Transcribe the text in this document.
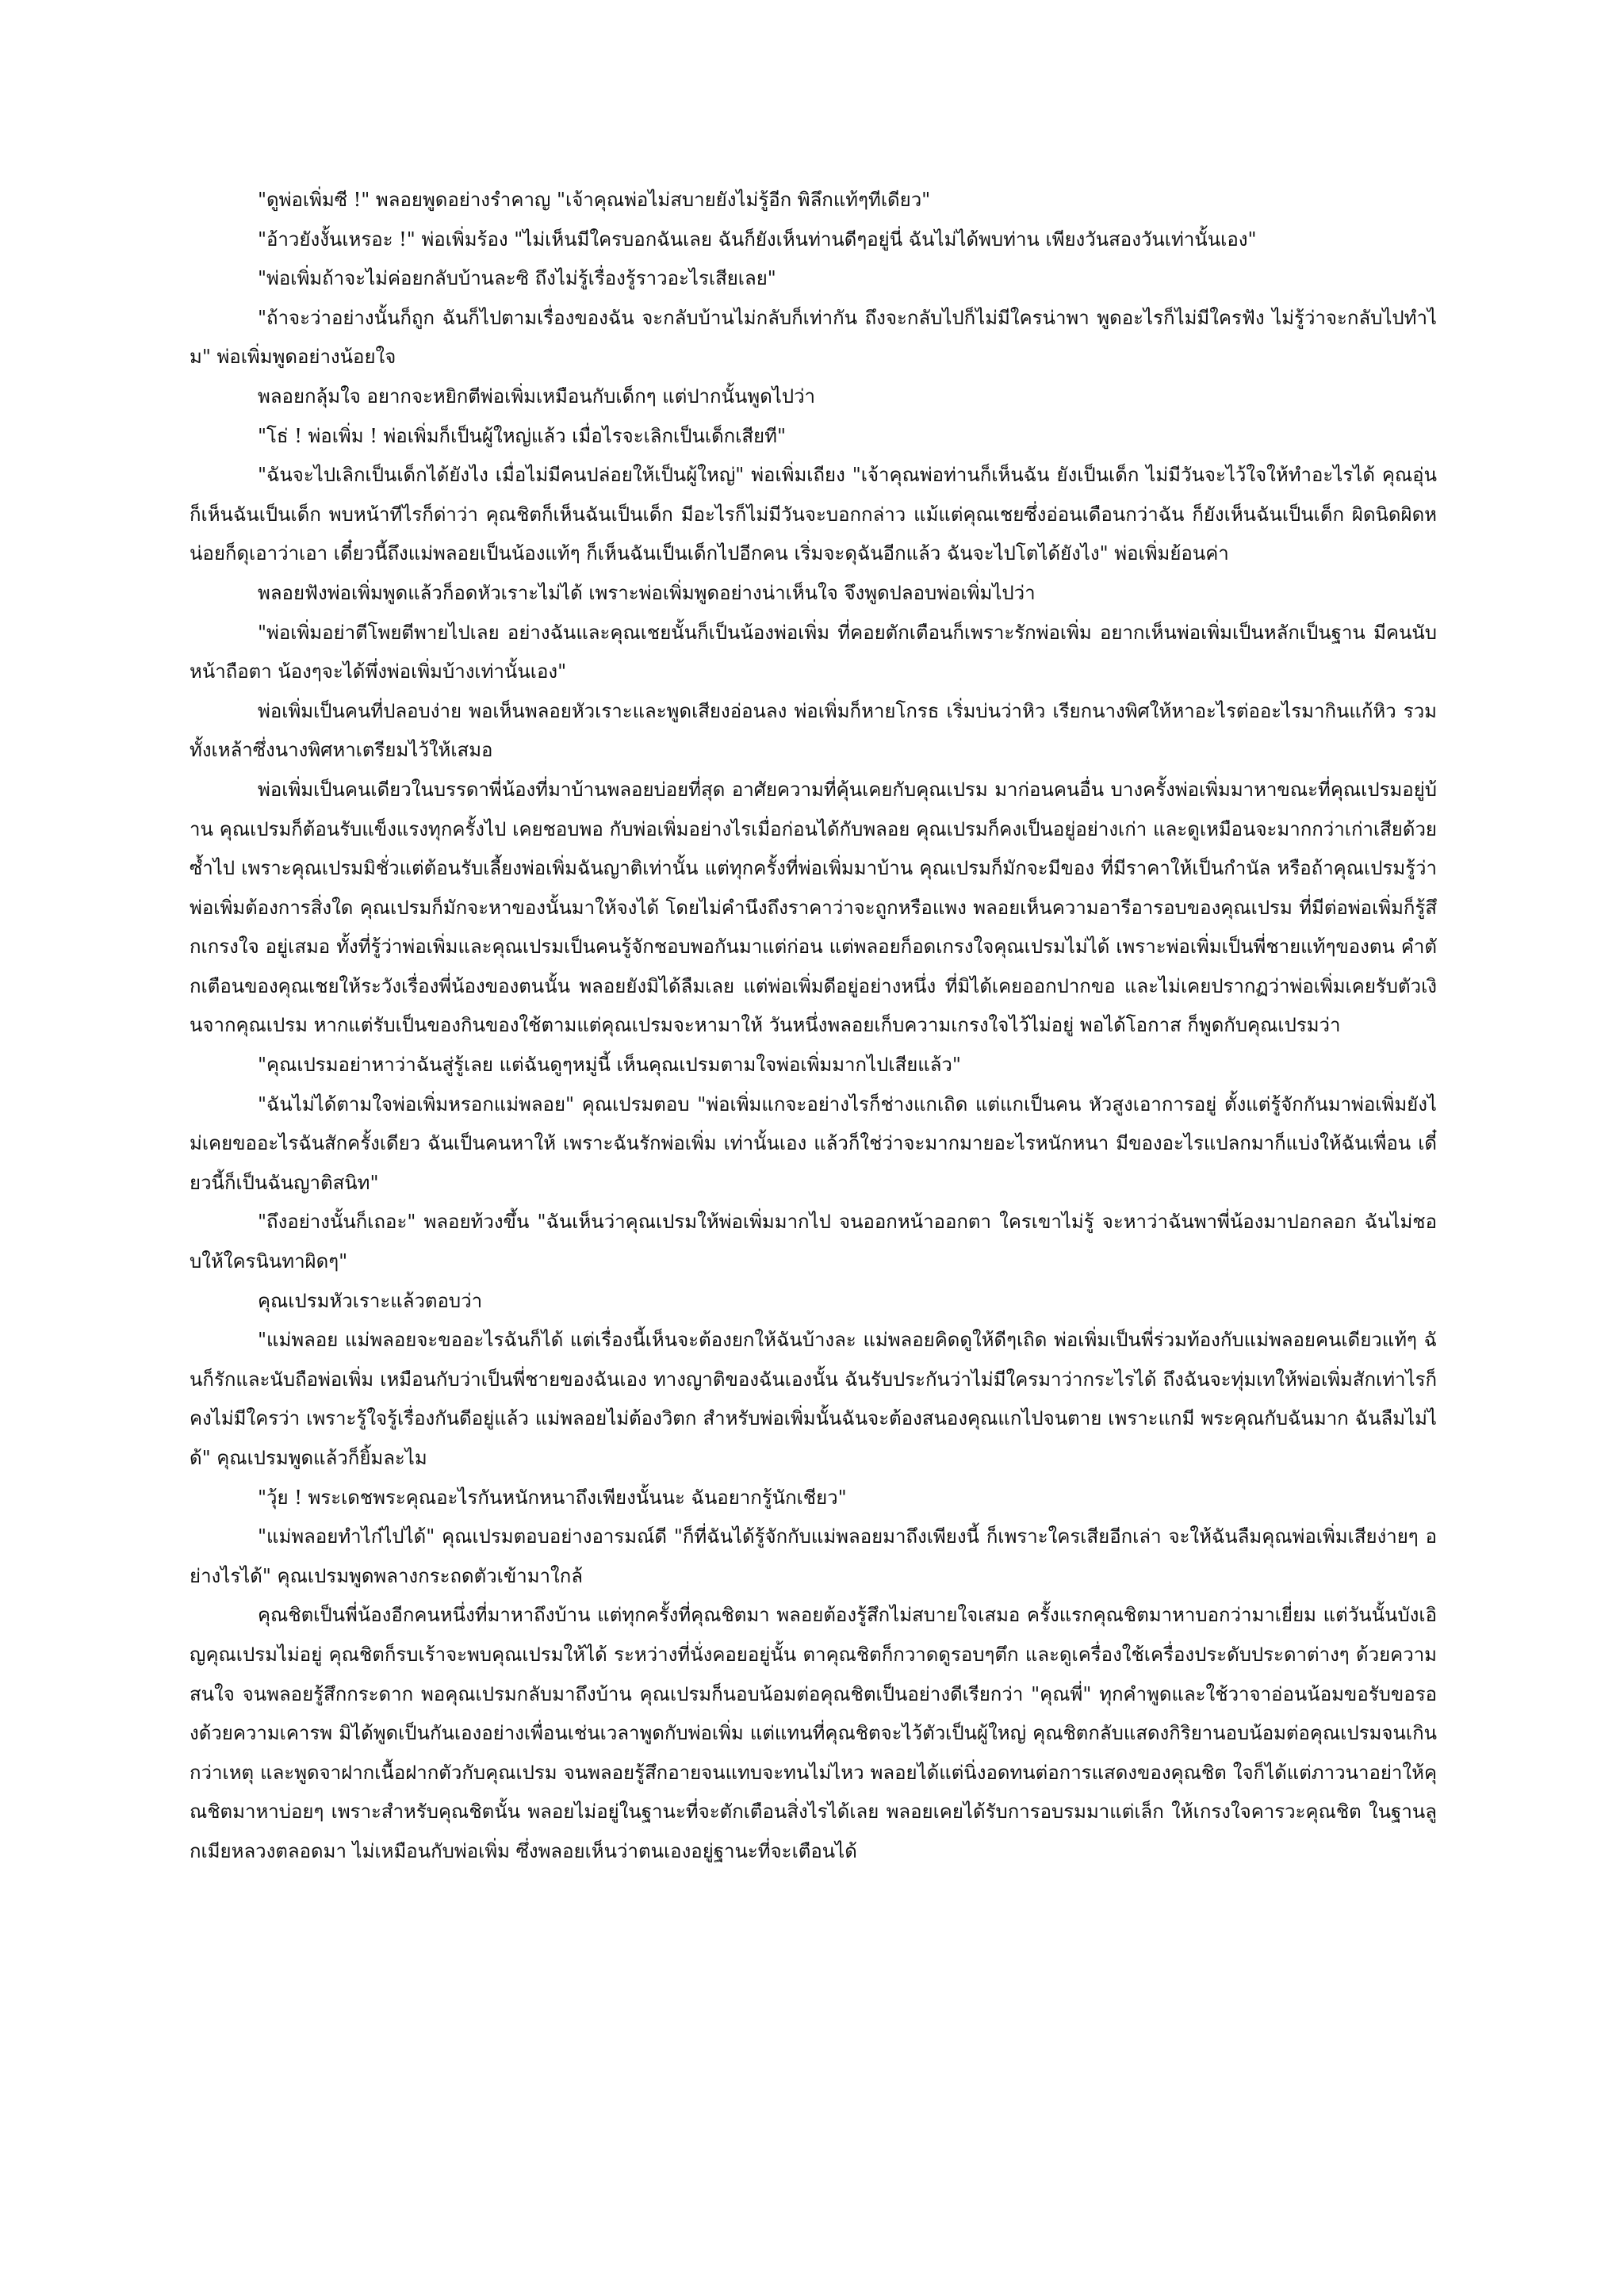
"ดูพ่อเพิ่มซี !" พลอยพูดอย่างรำคาญ "เจ้าคุณพ่อไม่สบายยังไม่รู้อีก พิลึกแท้ๆทีเดียว"

"อ้าวยังงั้นเหรอะ !" พ่อเพิ่มร้อง "ไม่เห็นมีใครบอกฉันเลย ฉันก็ยังเห็นท่านดีๆอยู่นี่ ฉันไม่ได้พบท่าน เพียงวันสองวันเท่านั้นเอง"

"พ่อเพิ่มถ้าจะไม่ค่อยกลับบ้านละซิ ถึงไม่รู้เรื่องรู้ราวอะไรเสียเลย"

"ถ้าจะว่าอย่างนั้นก็ถูก ฉันก็ไปตามเรื่องของฉัน จะกลับบ้านไม่กลับก็เท่ากัน ถึงจะกลับไปก็ไม่มีใครน่าพา พูดอะไรก็ไม่มีใครฟัง ไม่รู้ว่าจะกลับไปทำไม" พ่อเพิ่มพูดอย่างน้อยใจ

พลอยกลุ้มใจ อยากจะหยิกตีพ่อเพิ่มเหมือนกับเด็กๆ แต่ปากนั้นพูดไปว่า

"โธ่ ! พ่อเพิ่ม ! พ่อเพิ่มก็เป็นผู้ใหญ่แล้ว เมื่อไรจะเลิกเป็นเด็กเสียที"

"ฉันจะไปเลิกเป็นเด็กได้ยังไง เมื่อไม่มีคนปล่อยให้เป็นผู้ใหญ่" พ่อเพิ่มเถียง "เจ้าคุณพ่อท่านก็เห็นฉัน ยังเป็นเด็ก ไม่มีวันจะไว้ใจให้ทำอะไรได้ คุณอุ่นก็เห็นฉันเป็นเด็ก พบหน้าทีไรก็ด่าว่า คุณชิตก็เห็นฉันเป็นเด็ก มีอะไรก็ไม่มีวันจะบอกกล่าว แม้แต่คุณเชยซึ่งอ่อนเดือนกว่าฉัน ก็ยังเห็นฉันเป็นเด็ก ผิดนิดผิดหน่อยก็ดุเอาว่าเอา เดี๋ยวนี้ถึงแม่พลอยเป็นน้องแท้ๆ ก็เห็นฉันเป็นเด็กไปอีกคน เริ่มจะดุฉันอีกแล้ว ฉันจะไปโตได้ยังไง" พ่อเพิ่มย้อนค่า

พลอยฟังพ่อเพิ่มพูดแล้วก็อดหัวเราะไม่ได้ เพราะพ่อเพิ่มพูดอย่างน่าเห็นใจ จึงพูดปลอบพ่อเพิ่มไปว่า

"พ่อเพิ่มอย่าตีโพยตีพายไปเลย อย่างฉันและคุณเชยนั้นก็เป็นน้องพ่อเพิ่ม ที่คอยตักเตือนก็เพราะรักพ่อเพิ่ม อยากเห็นพ่อเพิ่มเป็นหลักเป็นฐาน มีคนนับหน้าถือตา น้องๆจะได้พึ่งพ่อเพิ่มบ้างเท่านั้นเอง"

พ่อเพิ่มเป็นคนที่ปลอบง่าย พอเห็นพลอยหัวเราะและพูดเสียงอ่อนลง พ่อเพิ่มก็หายโกรธ เริ่มบ่นว่าหิว เรียกนางพิศให้หาอะไรต่ออะไรมากินแก้หิว รวมทั้งเหล้าซึ่งนางพิศหาเตรียมไว้ให้เสมอ

พ่อเพิ่มเป็นคนเดียวในบรรดาพี่น้องที่มาบ้านพลอยบ่อยที่สุด อาศัยความที่คุ้นเคยกับคุณเปรม มาก่อนคนอื่น บางครั้งพ่อเพิ่มมาหาขณะที่คุณเปรมอยู่บ้าน คุณเปรมก็ต้อนรับแข็งแรงทุกครั้งไป เคยชอบพอ กับพ่อเพิ่มอย่างไรเมื่อก่อนได้กับพลอย คุณเปรมก็คงเป็นอยู่อย่างเก่า และดูเหมือนจะมากกว่าเก่าเสียด้วยซ้ำไป เพราะคุณเปรมมิชั่วแต่ต้อนรับเลี้ยงพ่อเพิ่มฉันญาติเท่านั้น แต่ทุกครั้งที่พ่อเพิ่มมาบ้าน คุณเปรมก็มักจะมีของ ที่มีราคาให้เป็นกำนัล หรือถ้าคุณเปรมรู้ว่าพ่อเพิ่มต้องการสิ่งใด คุณเปรมก็มักจะหาของนั้นมาให้จงได้ โดยไม่คำนึงถึงราคาว่าจะถูกหรือแพง พลอยเห็นความอารีอารอบของคุณเปรม ที่มีต่อพ่อเพิ่มก็รู้สึกเกรงใจ อยู่เสมอ ทั้งที่รู้ว่าพ่อเพิ่มและคุณเปรมเป็นคนรู้จักชอบพอกันมาแต่ก่อน แต่พลอยก็อดเกรงใจคุณเปรมไม่ได้ เพราะพ่อเพิ่มเป็นพี่ชายแท้ๆของตน คำตักเตือนของคุณเชยให้ระวังเรื่องพี่น้องของตนนั้น พลอยยังมิได้ลืมเลย แต่พ่อเพิ่มดีอยู่อย่างหนึ่ง ที่มิได้เคยออกปากขอ และไม่เคยปรากฏว่าพ่อเพิ่มเคยรับตัวเงินจากคุณเปรม หากแต่รับเป็นของกินของใช้ตามแต่คุณเปรมจะหามาให้ วันหนึ่งพลอยเก็บความเกรงใจไว้ไม่อยู่ พอได้โอกาส ก็พูดกับคุณเปรมว่า

"คุณเปรมอย่าหาว่าฉันสู่รู้เลย แต่ฉันดูๆหมู่นี้ เห็นคุณเปรมตามใจพ่อเพิ่มมากไปเสียแล้ว"

"ฉันไม่ได้ตามใจพ่อเพิ่มหรอกแม่พลอย" คุณเปรมตอบ "พ่อเพิ่มแกจะอย่างไรก็ช่างแกเถิด แต่แกเป็นคน หัวสูงเอาการอยู่ ตั้งแต่รู้จักกันมาพ่อเพิ่มยังไม่เคยขออะไรฉันสักครั้งเดียว ฉันเป็นคนหาให้ เพราะฉันรักพ่อเพิ่ม เท่านั้นเอง แล้วก็ใช่ว่าจะมากมายอะไรหนักหนา มีของอะไรแปลกมาก็แบ่งให้ฉันเพื่อน เดี๋ยวนี้ก็เป็นฉันญาติสนิท"

"ถึงอย่างนั้นก็เถอะ" พลอยท้วงขึ้น "ฉันเห็นว่าคุณเปรมให้พ่อเพิ่มมากไป จนออกหน้าออกตา ใครเขาไม่รู้ จะหาว่าฉันพาพี่น้องมาปอกลอก ฉันไม่ชอบให้ใครนินทาผิดๆ"

คุณเปรมหัวเราะแล้วตอบว่า

"แม่พลอย แม่พลอยจะขออะไรฉันก็ได้ แต่เรื่องนี้เห็นจะต้องยกให้ฉันบ้างละ แม่พลอยคิดดูให้ดีๆเถิด พ่อเพิ่มเป็นพี่ร่วมท้องกับแม่พลอยคนเดียวแท้ๆ ฉันก็รักและนับถือพ่อเพิ่ม เหมือนกับว่าเป็นพี่ชายของฉันเอง ทางญาติของฉันเองนั้น ฉันรับประกันว่าไม่มีใครมาว่ากระไรได้ ถึงฉันจะทุ่มเทให้พ่อเพิ่มสักเท่าไรก็คงไม่มีใครว่า เพราะรู้ใจรู้เรื่องกันดีอยู่แล้ว แม่พลอยไม่ต้องวิตก สำหรับพ่อเพิ่มนั้นฉันจะต้องสนองคุณแกไปจนตาย เพราะแกมี พระคุณกับฉันมาก ฉันลืมไม่ได้" คุณเปรมพูดแล้วก็ยิ้มละไม

"วุ้ย ! พระเดชพระคุณอะไรกันหนักหนาถึงเพียงนั้นนะ ฉันอยากรู้นักเชียว"

"แม่พลอยทำไก๋ไปได้" คุณเปรมตอบอย่างอารมณ์ดี "ก็ที่ฉันได้รู้จักกับแม่พลอยมาถึงเพียงนี้ ก็เพราะใครเสียอีกเล่า จะให้ฉันลืมคุณพ่อเพิ่มเสียง่ายๆ อย่างไรได้" คุณเปรมพูดพลางกระถดตัวเข้ามาใกล้

คุณชิตเป็นพี่น้องอีกคนหนึ่งที่มาหาถึงบ้าน แต่ทุกครั้งที่คุณชิตมา พลอยต้องรู้สึกไม่สบายใจเสมอ ครั้งแรกคุณชิตมาหาบอกว่ามาเยี่ยม แต่วันนั้นบังเอิญคุณเปรมไม่อยู่ คุณชิตก็รบเร้าจะพบคุณเปรมให้ได้ ระหว่างที่นั่งคอยอยู่นั้น ตาคุณชิตก็กวาดดูรอบๆตึก และดูเครื่องใช้เครื่องประดับประดาต่างๆ ด้วยความสนใจ จนพลอยรู้สึกกระดาก พอคุณเปรมกลับมาถึงบ้าน คุณเปรมก็นอบน้อมต่อคุณชิตเป็นอย่างดีเรียกว่า "คุณพี่" ทุกคำพูดและใช้วาจาอ่อนน้อมขอรับขอรองด้วยความเคารพ มิได้พูดเป็นกันเองอย่างเพื่อนเช่นเวลาพูดกับพ่อเพิ่ม แต่แทนที่คุณชิตจะไว้ตัวเป็นผู้ใหญ่ คุณชิตกลับแสดงกิริยานอบน้อมต่อคุณเปรมจนเกินกว่าเหตุ และพูดจาฝากเนื้อฝากตัวกับคุณเปรม จนพลอยรู้สึกอายจนแทบจะทนไม่ไหว พลอยได้แต่นิ่งอดทนต่อการแสดงของคุณชิต ใจก็ได้แต่ภาวนาอย่าให้คุณชิตมาหาบ่อยๆ เพราะสำหรับคุณชิตนั้น พลอยไม่อยู่ในฐานะที่จะตักเตือนสิ่งไรได้เลย พลอยเคยได้รับการอบรมมาแต่เล็ก ให้เกรงใจคารวะคุณชิต ในฐานลูกเมียหลวงตลอดมา ไม่เหมือนกับพ่อเพิ่ม ซึ่งพลอยเห็นว่าตนเองอยู่ฐานะที่จะเตือนได้
